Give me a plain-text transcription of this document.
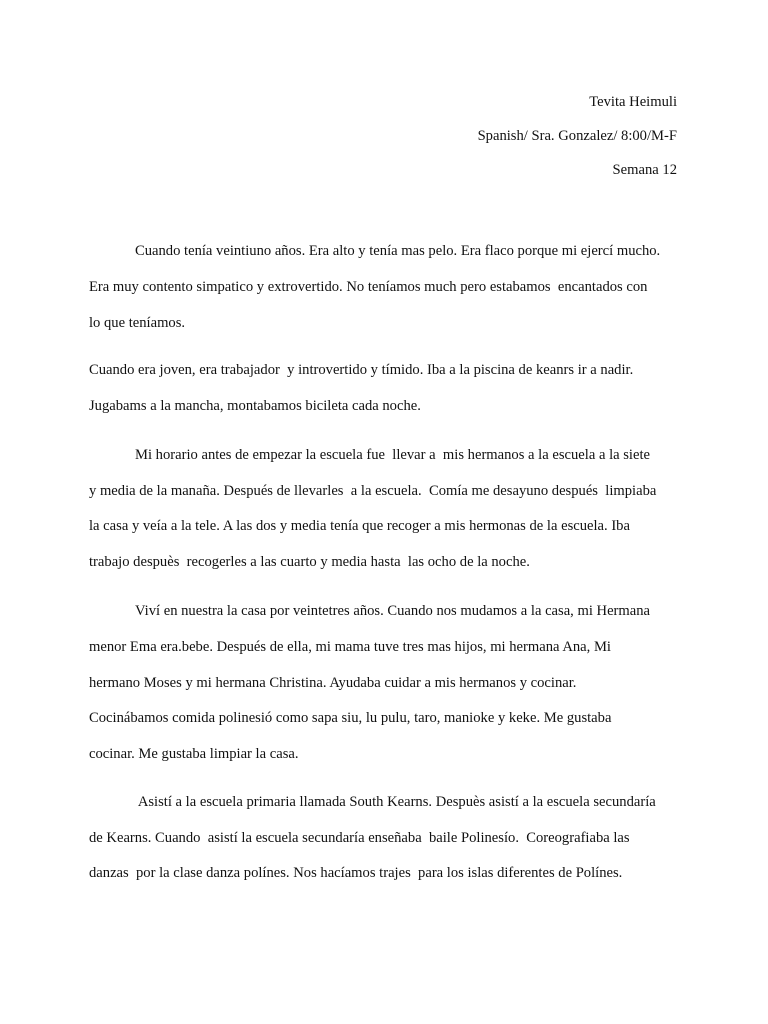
Tevita Heimuli
Spanish/ Sra. Gonzalez/ 8:00/M-F
Semana 12
Cuando tenía veintiuno años. Era alto y tenía mas pelo. Era flaco porque mi ejercí mucho.
Era muy contento simpatico y extrovertido. No teníamos much pero estabamos  encantados con
lo que teníamos.
Cuando era joven, era trabajador  y introvertido y tímido. Iba a la piscina de keanrs ir a nadir.
Jugabams a la mancha, montabamos bicileta cada noche.
Mi horario antes de empezar la escuela fue  llevar a  mis hermanos a la escuela a la siete
y media de la manaña. Después de llevarles  a la escuela.  Comía me desayuno después  limpiaba
la casa y veía a la tele. A las dos y media tenía que recoger a mis hermonas de la escuela. Iba
trabajo despuès  recogerles a las cuarto y media hasta  las ocho de la noche.
Viví en nuestra la casa por veintetres años. Cuando nos mudamos a la casa, mi Hermana
menor Ema era.bebe. Después de ella, mi mama tuve tres mas hijos, mi hermana Ana, Mi
hermano Moses y mi hermana Christina. Ayudaba cuidar a mis hermanos y cocinar.
Cocinábamos comida polinesió como sapa siu, lu pulu, taro, manioke y keke. Me gustaba
cocinar. Me gustaba limpiar la casa.
Asistí a la escuela primaria llamada South Kearns. Despuès asistí a la escuela secundaría
de Kearns. Cuando  asistí la escuela secundaría enseñaba  baile Polinesío.  Coreografiaba las
danzas  por la clase danza polínes. Nos hacíamos trajes  para los islas diferentes de Polínes.
